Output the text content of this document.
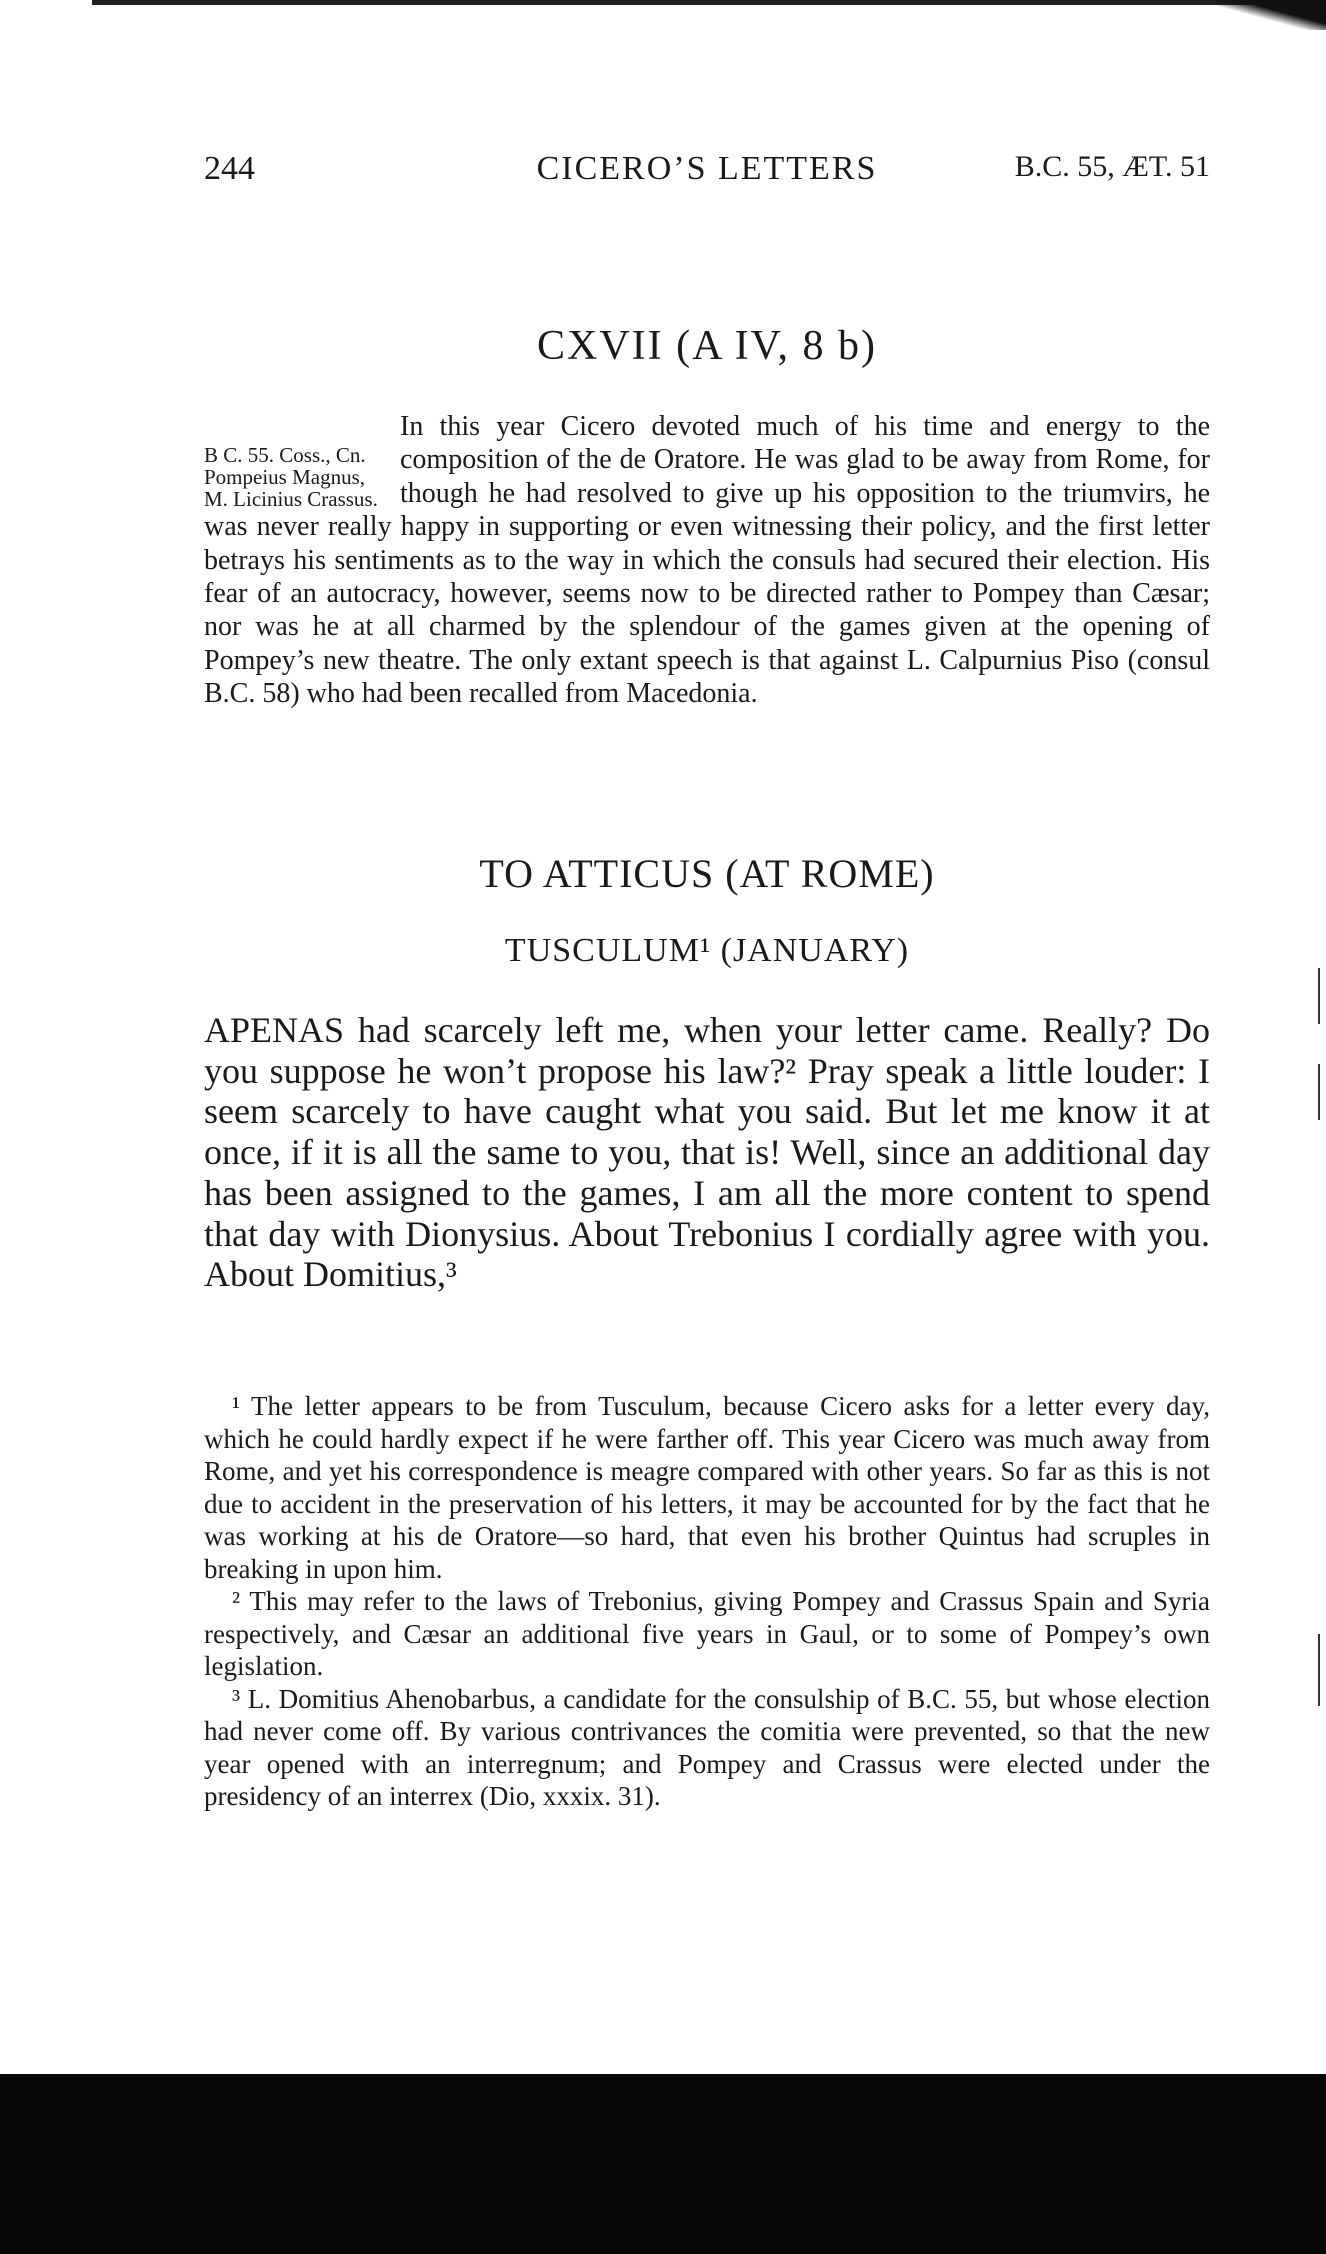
244	CICERO’S LETTERS	B.C. 55, ÆT. 51
CXVII (A IV, 8 b)
B C. 55. Coss., Cn. Pompeius Magnus, M. Licinius Crassus.

In this year Cicero devoted much of his time and energy to the composition of the de Oratore. He was glad to be away from Rome, for though he had resolved to give up his opposition to the triumvirs, he was never really happy in supporting or even witnessing their policy, and the first letter betrays his sentiments as to the way in which the consuls had secured their election. His fear of an autocracy, however, seems now to be directed rather to Pompey than Cæsar; nor was he at all charmed by the splendour of the games given at the opening of Pompey’s new theatre. The only extant speech is that against L. Calpurnius Piso (consul B.C. 58) who had been recalled from Macedonia.

TO ATTICUS (AT ROME)
TUSCULUM¹ (JANUARY)

APENAS had scarcely left me, when your letter came. Really? Do you suppose he won’t propose his law?² Pray speak a little louder: I seem scarcely to have caught what you said. But let me know it at once, if it is all the same to you, that is! Well, since an additional day has been assigned to the games, I am all the more content to spend that day with Dionysius. About Trebonius I cordially agree with you. About Domitius,³

¹ The letter appears to be from Tusculum, because Cicero asks for a letter every day, which he could hardly expect if he were farther off. This year Cicero was much away from Rome, and yet his correspondence is meagre compared with other years. So far as this is not due to accident in the preservation of his letters, it may be accounted for by the fact that he was working at his de Oratore—so hard, that even his brother Quintus had scruples in breaking in upon him.

² This may refer to the laws of Trebonius, giving Pompey and Crassus Spain and Syria respectively, and Cæsar an additional five years in Gaul, or to some of Pompey’s own legislation.

³ L. Domitius Ahenobarbus, a candidate for the consulship of B.C. 55, but whose election had never come off. By various contrivances the comitia were prevented, so that the new year opened with an interregnum; and Pompey and Crassus were elected under the presidency of an interrex (Dio, xxxix. 31).
